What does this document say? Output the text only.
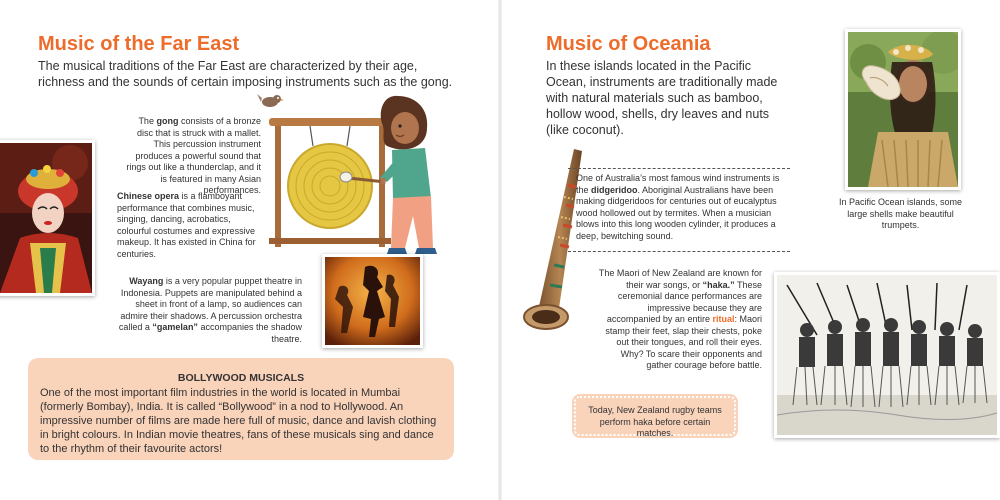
Music of the Far East

The musical traditions of the Far East are characterized by their age, richness and the sounds of certain imposing instruments such as the gong.

The gong consists of a bronze disc that is struck with a mallet. This percussion instrument produces a powerful sound that rings out like a thunderclap, and it is featured in many Asian performances.

Chinese opera is a flamboyant performance that combines music, singing, dancing, acrobatics, colourful costumes and expressive makeup. It has existed in China for centuries.

Wayang is a very popular puppet theatre in Indonesia. Puppets are manipulated behind a sheet in front of a lamp, so audiences can admire their shadows. A percussion orchestra called a “gamelan” accompanies the shadow theatre.

BOLLYWOOD MUSICALS
One of the most important film industries in the world is located in Mumbai (formerly Bombay), India. It is called “Bollywood” in a nod to Hollywood. An impressive number of films are made here full of music, dance and lavish clothing in bright colours. In Indian movie theatres, fans of these musicals sing and dance to the rhythm of their favourite actors!
Music of Oceania

In these islands located in the Pacific Ocean, instruments are traditionally made with natural materials such as bamboo, hollow wood, shells, dry leaves and nuts (like coconut).

In Pacific Ocean islands, some large shells make beautiful trumpets.

One of Australia’s most famous wind instruments is the didgeridoo. Aboriginal Australians have been making didgeridoos for centuries out of eucalyptus wood hollowed out by termites. When a musician blows into this long wooden cylinder, it produces a deep, bewitching sound.

The Maori of New Zealand are known for their war songs, or “haka.” These ceremonial dance performances are impressive because they are accompanied by an entire ritual: Maori stamp their feet, slap their chests, poke out their tongues, and roll their eyes. Why? To scare their opponents and gather courage before battle.

Today, New Zealand rugby teams perform haka before certain matches.
